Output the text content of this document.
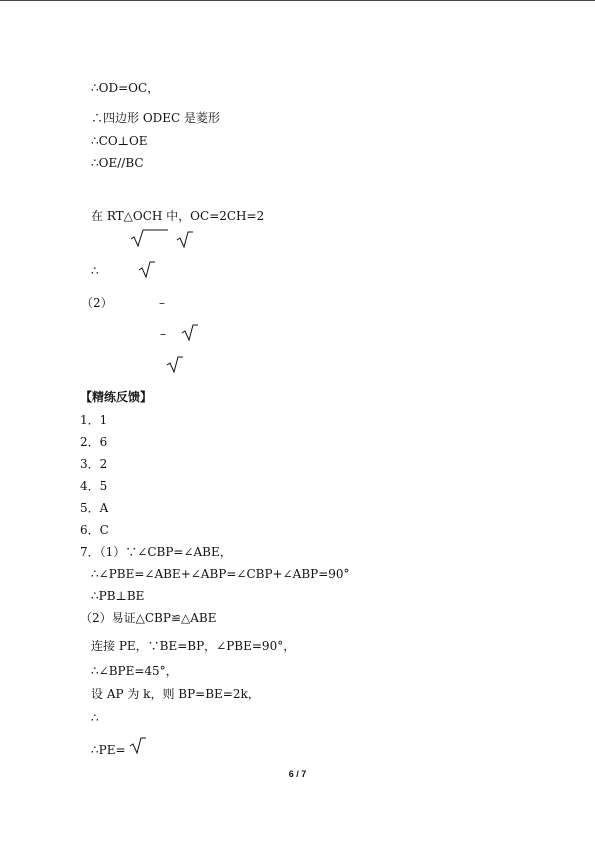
∴OD=OC，
∴四边形 ODEC 是菱形
∴CO⊥OE
∴OE//BC
在 RT△OCH 中，OC=2CH=2
∴
（2）	–
–
【精练反馈】
1．1
2．6
3．2
4．5
5．A
6．C
7．（1）∵∠CBP=∠ABE，
∴∠PBE=∠ABE+∠ABP=∠CBP+∠ABP=90°
∴PB⊥BE
（2）易证△CBP≌△ABE
连接 PE，∵BE=BP，∠PBE=90°，
∴∠BPE=45°，
设 AP 为 k，则 BP=BE=2k，
∴
∴PE=
6 / 7
